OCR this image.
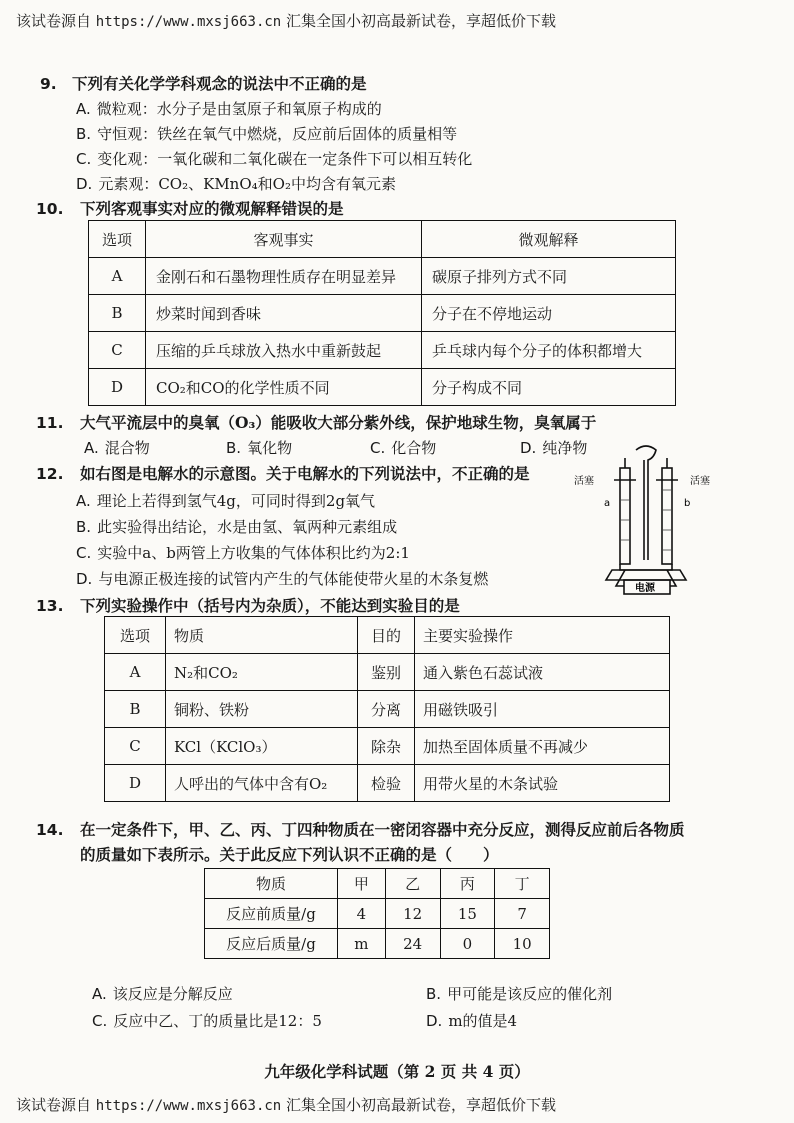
该试卷源自 https://www.mxsj663.cn 汇集全国小初高最新试卷，享超低价下载
9. 下列有关化学学科观念的说法中不正确的是
A. 微粒观：水分子是由氢原子和氧原子构成的
B. 守恒观：铁丝在氧气中燃烧，反应前后固体的质量相等
C. 变化观：一氧化碳和二氧化碳在一定条件下可以相互转化
D. 元素观：CO₂、KMnO₄和O₂中均含有氧元素
10. 下列客观事实对应的微观解释错误的是
选项	客观事实	微观解释
A	金刚石和石墨物理性质存在明显差异	碳原子排列方式不同
B	炒菜时闻到香味	分子在不停地运动
C	压缩的乒乓球放入热水中重新鼓起	乒乓球内每个分子的体积都增大
D	CO₂和CO的化学性质不同	分子构成不同
11. 大气平流层中的臭氧（O₃）能吸收大部分紫外线，保护地球生物，臭氧属于
A. 混合物	B. 氧化物	C. 化合物	D. 纯净物
12. 如右图是电解水的示意图。关于电解水的下列说法中，不正确的是
A. 理论上若得到氢气4g，可同时得到2g氧气
B. 此实验得出结论，水是由氢、氧两种元素组成
C. 实验中a、b两管上方收集的气体体积比约为2:1
D. 与电源正极连接的试管内产生的气体能使带火星的木条复燃
活塞	活塞
a	b
电源
13. 下列实验操作中（括号内为杂质），不能达到实验目的是
选项	物质	目的	主要实验操作
A	N₂和CO₂	鉴别	通入紫色石蕊试液
B	铜粉、铁粉	分离	用磁铁吸引
C	KCl（KClO₃）	除杂	加热至固体质量不再减少
D	人呼出的气体中含有O₂	检验	用带火星的木条试验
14. 在一定条件下，甲、乙、丙、丁四种物质在一密闭容器中充分反应，测得反应前后各物质
的质量如下表所示。关于此反应下列认识不正确的是（　　）
物质	甲	乙	丙	丁
反应前质量/g	4	12	15	7
反应后质量/g	m	24	0	10
A. 该反应是分解反应	B. 甲可能是该反应的催化剂
C. 反应中乙、丁的质量比是12：5	D. m的值是4
九年级化学科试题（第 2 页 共 4 页）
该试卷源自 https://www.mxsj663.cn 汇集全国小初高最新试卷，享超低价下载
